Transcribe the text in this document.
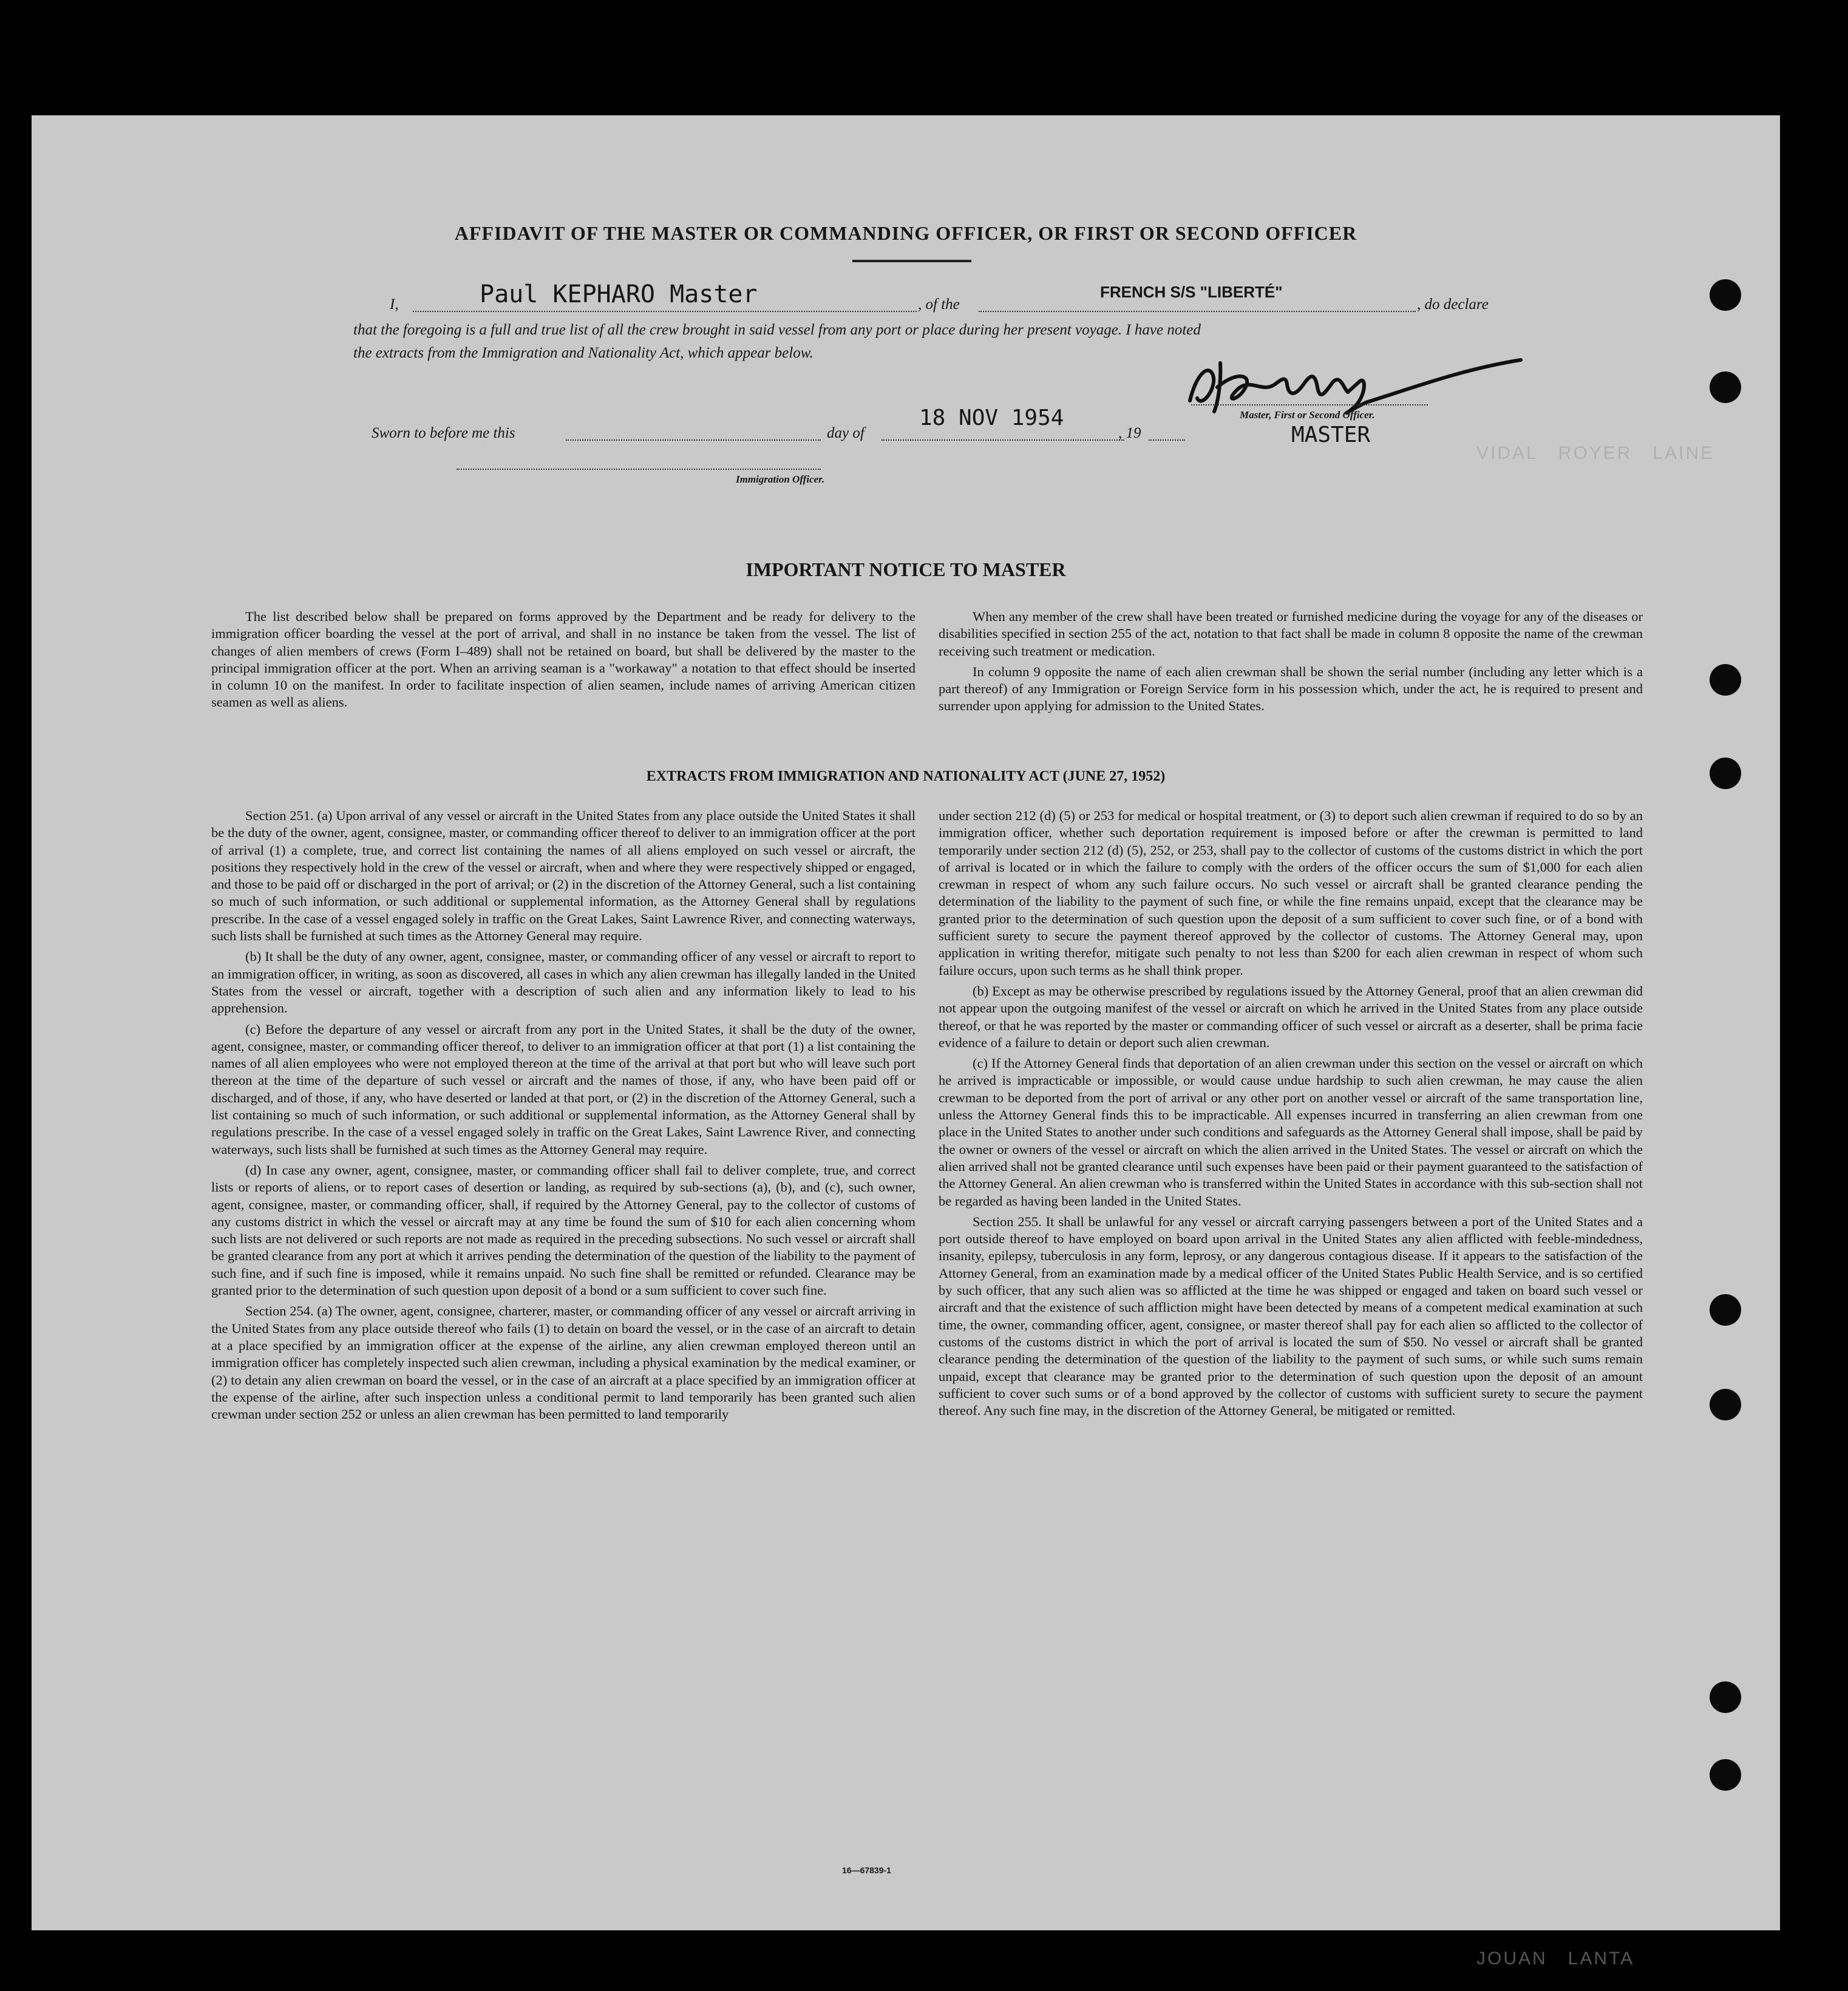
VIDAL   ROYER   LAINE
JOUAN   LANTA
AFFIDAVIT OF THE MASTER OR COMMANDING OFFICER, OR FIRST OR SECOND OFFICER
I,	Paul KEPHARO Master	, of the
FRENCH S/S "LIBERTÉ"
, do declare
that the foregoing is a full and true list of all the crew brought in said vessel from any port or place during her present voyage. I have noted
the extracts from the Immigration and Nationality Act, which appear below.
Master, First or Second Officer.
Sworn to before me this	day of
18 NOV 1954
, 19	MASTER
Immigration Officer.
IMPORTANT NOTICE TO MASTER

The list described below shall be prepared on forms approved by the Department and be ready for delivery to the immigration officer boarding the vessel at the port of arrival, and shall in no instance be taken from the vessel. The list of changes of alien members of crews (Form I–489) shall not be retained on board, but shall be delivered by the master to the principal immigration officer at the port. When an arriving seaman is a "workaway" a notation to that effect should be inserted in column 10 on the manifest. In order to facilitate inspection of alien seamen, include names of arriving American citizen seamen as well as aliens.

When any member of the crew shall have been treated or furnished medicine during the voyage for any of the diseases or disabilities specified in section 255 of the act, notation to that fact shall be made in column 8 opposite the name of the crewman receiving such treatment or medication.

In column 9 opposite the name of each alien crewman shall be shown the serial number (including any letter which is a part thereof) of any Immigration or Foreign Service form in his possession which, under the act, he is required to present and surrender upon applying for admission to the United States.

EXTRACTS FROM IMMIGRATION AND NATIONALITY ACT (JUNE 27, 1952)

Section 251. (a) Upon arrival of any vessel or aircraft in the United States from any place outside the United States it shall be the duty of the owner, agent, consignee, master, or commanding officer thereof to deliver to an immigration officer at the port of arrival (1) a complete, true, and correct list containing the names of all aliens employed on such vessel or aircraft, the positions they respectively hold in the crew of the vessel or aircraft, when and where they were respectively shipped or engaged, and those to be paid off or discharged in the port of arrival; or (2) in the discretion of the Attorney General, such a list containing so much of such information, or such additional or supplemental information, as the Attorney General shall by regulations prescribe. In the case of a vessel engaged solely in traffic on the Great Lakes, Saint Lawrence River, and connecting waterways, such lists shall be furnished at such times as the Attorney General may require.

(b) It shall be the duty of any owner, agent, consignee, master, or commanding officer of any vessel or aircraft to report to an immigration officer, in writing, as soon as discovered, all cases in which any alien crewman has illegally landed in the United States from the vessel or aircraft, together with a description of such alien and any information likely to lead to his apprehension.

(c) Before the departure of any vessel or aircraft from any port in the United States, it shall be the duty of the owner, agent, consignee, master, or commanding officer thereof, to deliver to an immigration officer at that port (1) a list containing the names of all alien employees who were not employed thereon at the time of the arrival at that port but who will leave such port thereon at the time of the departure of such vessel or aircraft and the names of those, if any, who have been paid off or discharged, and of those, if any, who have deserted or landed at that port, or (2) in the discretion of the Attorney General, such a list containing so much of such information, or such additional or supplemental information, as the Attorney General shall by regulations prescribe. In the case of a vessel engaged solely in traffic on the Great Lakes, Saint Lawrence River, and connecting waterways, such lists shall be furnished at such times as the Attorney General may require.

(d) In case any owner, agent, consignee, master, or commanding officer shall fail to deliver complete, true, and correct lists or reports of aliens, or to report cases of desertion or landing, as required by sub-sections (a), (b), and (c), such owner, agent, consignee, master, or commanding officer, shall, if required by the Attorney General, pay to the collector of customs of any customs district in which the vessel or aircraft may at any time be found the sum of $10 for each alien concerning whom such lists are not delivered or such reports are not made as required in the preceding subsections. No such vessel or aircraft shall be granted clearance from any port at which it arrives pending the determination of the question of the liability to the payment of such fine, and if such fine is imposed, while it remains unpaid. No such fine shall be remitted or refunded. Clearance may be granted prior to the determination of such question upon deposit of a bond or a sum sufficient to cover such fine.

Section 254. (a) The owner, agent, consignee, charterer, master, or commanding officer of any vessel or aircraft arriving in the United States from any place outside thereof who fails (1) to detain on board the vessel, or in the case of an aircraft to detain at a place specified by an immigration officer at the expense of the airline, any alien crewman employed thereon until an immigration officer has completely inspected such alien crewman, including a physical examination by the medical examiner, or (2) to detain any alien crewman on board the vessel, or in the case of an aircraft at a place specified by an immigration officer at the expense of the airline, after such inspection unless a conditional permit to land temporarily has been granted such alien crewman under section 252 or unless an alien crewman has been permitted to land temporarily

under section 212 (d) (5) or 253 for medical or hospital treatment, or (3) to deport such alien crewman if required to do so by an immigration officer, whether such deportation requirement is imposed before or after the crewman is permitted to land temporarily under section 212 (d) (5), 252, or 253, shall pay to the collector of customs of the customs district in which the port of arrival is located or in which the failure to comply with the orders of the officer occurs the sum of $1,000 for each alien crewman in respect of whom any such failure occurs. No such vessel or aircraft shall be granted clearance pending the determination of the liability to the payment of such fine, or while the fine remains unpaid, except that the clearance may be granted prior to the determination of such question upon the deposit of a sum sufficient to cover such fine, or of a bond with sufficient surety to secure the payment thereof approved by the collector of customs. The Attorney General may, upon application in writing therefor, mitigate such penalty to not less than $200 for each alien crewman in respect of whom such failure occurs, upon such terms as he shall think proper.

(b) Except as may be otherwise prescribed by regulations issued by the Attorney General, proof that an alien crewman did not appear upon the outgoing manifest of the vessel or aircraft on which he arrived in the United States from any place outside thereof, or that he was reported by the master or commanding officer of such vessel or aircraft as a deserter, shall be prima facie evidence of a failure to detain or deport such alien crewman.

(c) If the Attorney General finds that deportation of an alien crewman under this section on the vessel or aircraft on which he arrived is impracticable or impossible, or would cause undue hardship to such alien crewman, he may cause the alien crewman to be deported from the port of arrival or any other port on another vessel or aircraft of the same transportation line, unless the Attorney General finds this to be impracticable. All expenses incurred in transferring an alien crewman from one place in the United States to another under such conditions and safeguards as the Attorney General shall impose, shall be paid by the owner or owners of the vessel or aircraft on which the alien arrived in the United States. The vessel or aircraft on which the alien arrived shall not be granted clearance until such expenses have been paid or their payment guaranteed to the satisfaction of the Attorney General. An alien crewman who is transferred within the United States in accordance with this sub-section shall not be regarded as having been landed in the United States.

Section 255. It shall be unlawful for any vessel or aircraft carrying passengers between a port of the United States and a port outside thereof to have employed on board upon arrival in the United States any alien afflicted with feeble-mindedness, insanity, epilepsy, tuberculosis in any form, leprosy, or any dangerous contagious disease. If it appears to the satisfaction of the Attorney General, from an examination made by a medical officer of the United States Public Health Service, and is so certified by such officer, that any such alien was so afflicted at the time he was shipped or engaged and taken on board such vessel or aircraft and that the existence of such affliction might have been detected by means of a competent medical examination at such time, the owner, commanding officer, agent, consignee, or master thereof shall pay for each alien so afflicted to the collector of customs of the customs district in which the port of arrival is located the sum of $50. No vessel or aircraft shall be granted clearance pending the determination of the question of the liability to the payment of such sums, or while such sums remain unpaid, except that clearance may be granted prior to the determination of such question upon the deposit of an amount sufficient to cover such sums or of a bond approved by the collector of customs with sufficient surety to secure the payment thereof. Any such fine may, in the discretion of the Attorney General, be mitigated or remitted.

16—67839-1
